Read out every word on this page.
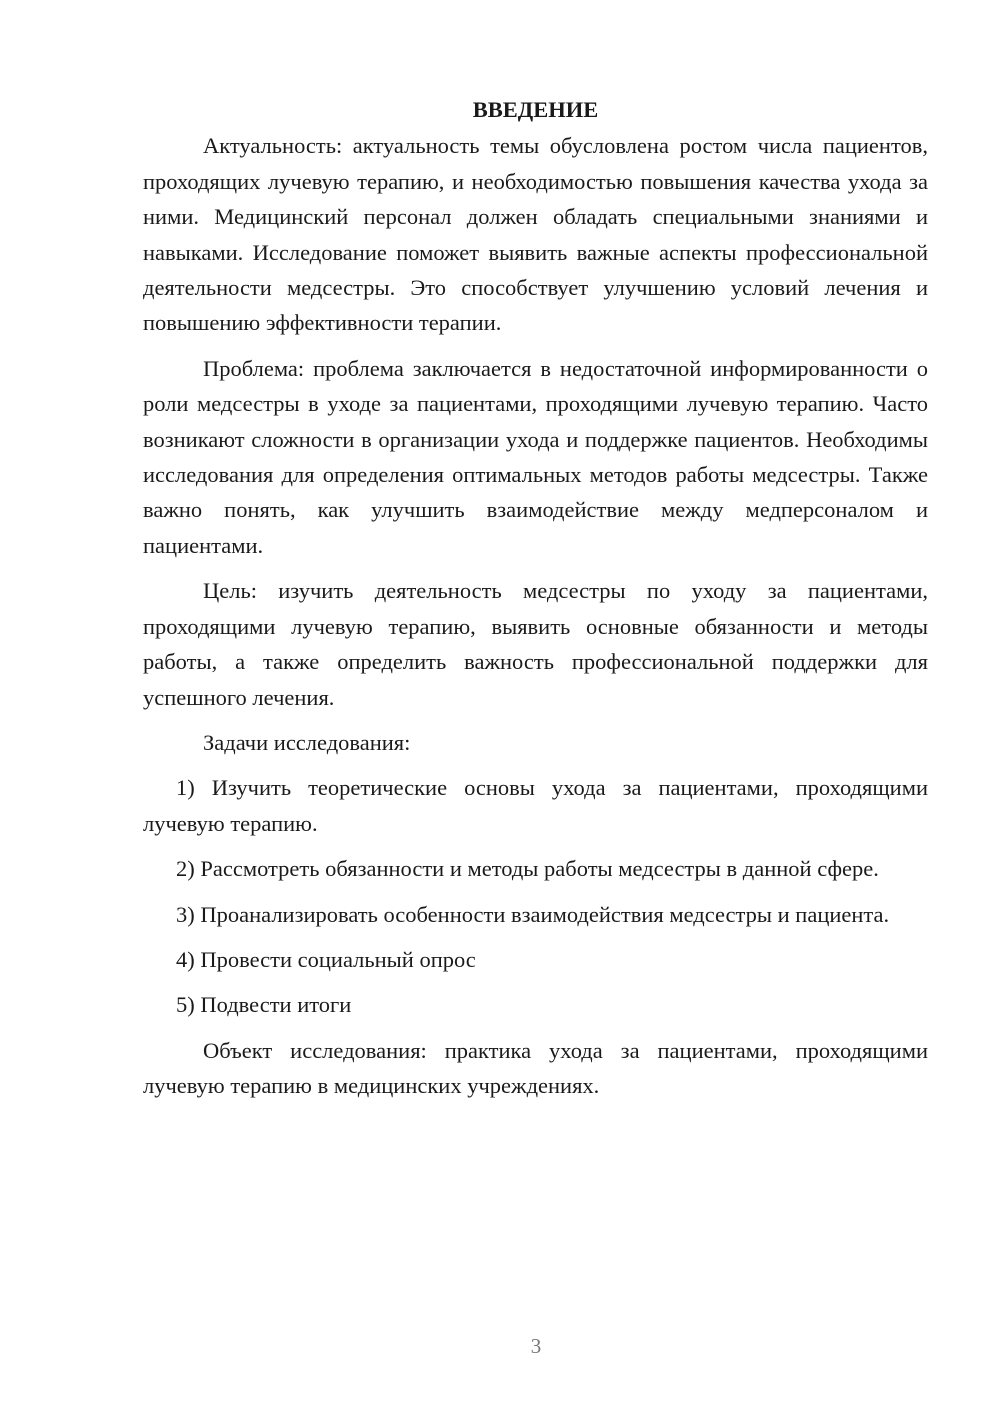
ВВЕДЕНИЕ

Актуальность: актуальность темы обусловлена ростом числа пациентов, проходящих лучевую терапию, и необходимостью повышения качества ухода за ними. Медицинский персонал должен обладать специальными знаниями и навыками. Исследование поможет выявить важные аспекты профессиональной деятельности медсестры. Это способствует улучшению условий лечения и повышению эффективности терапии.

Проблема: проблема заключается в недостаточной информированности о роли медсестры в уходе за пациентами, проходящими лучевую терапию. Часто возникают сложности в организации ухода и поддержке пациентов. Необходимы исследования для определения оптимальных методов работы медсестры. Также важно понять, как улучшить взаимодействие между медперсоналом и пациентами.

Цель: изучить деятельность медсестры по уходу за пациентами, проходящими лучевую терапию, выявить основные обязанности и методы работы, а также определить важность профессиональной поддержки для успешного лечения.

Задачи исследования:

1) Изучить теоретические основы ухода за пациентами, проходящими лучевую терапию.

2) Рассмотреть обязанности и методы работы медсестры в данной сфере.

3) Проанализировать особенности взаимодействия медсестры и пациента.

4) Провести социальный опрос

5) Подвести итоги

Объект исследования: практика ухода за пациентами, проходящими лучевую терапию в медицинских учреждениях.

3
